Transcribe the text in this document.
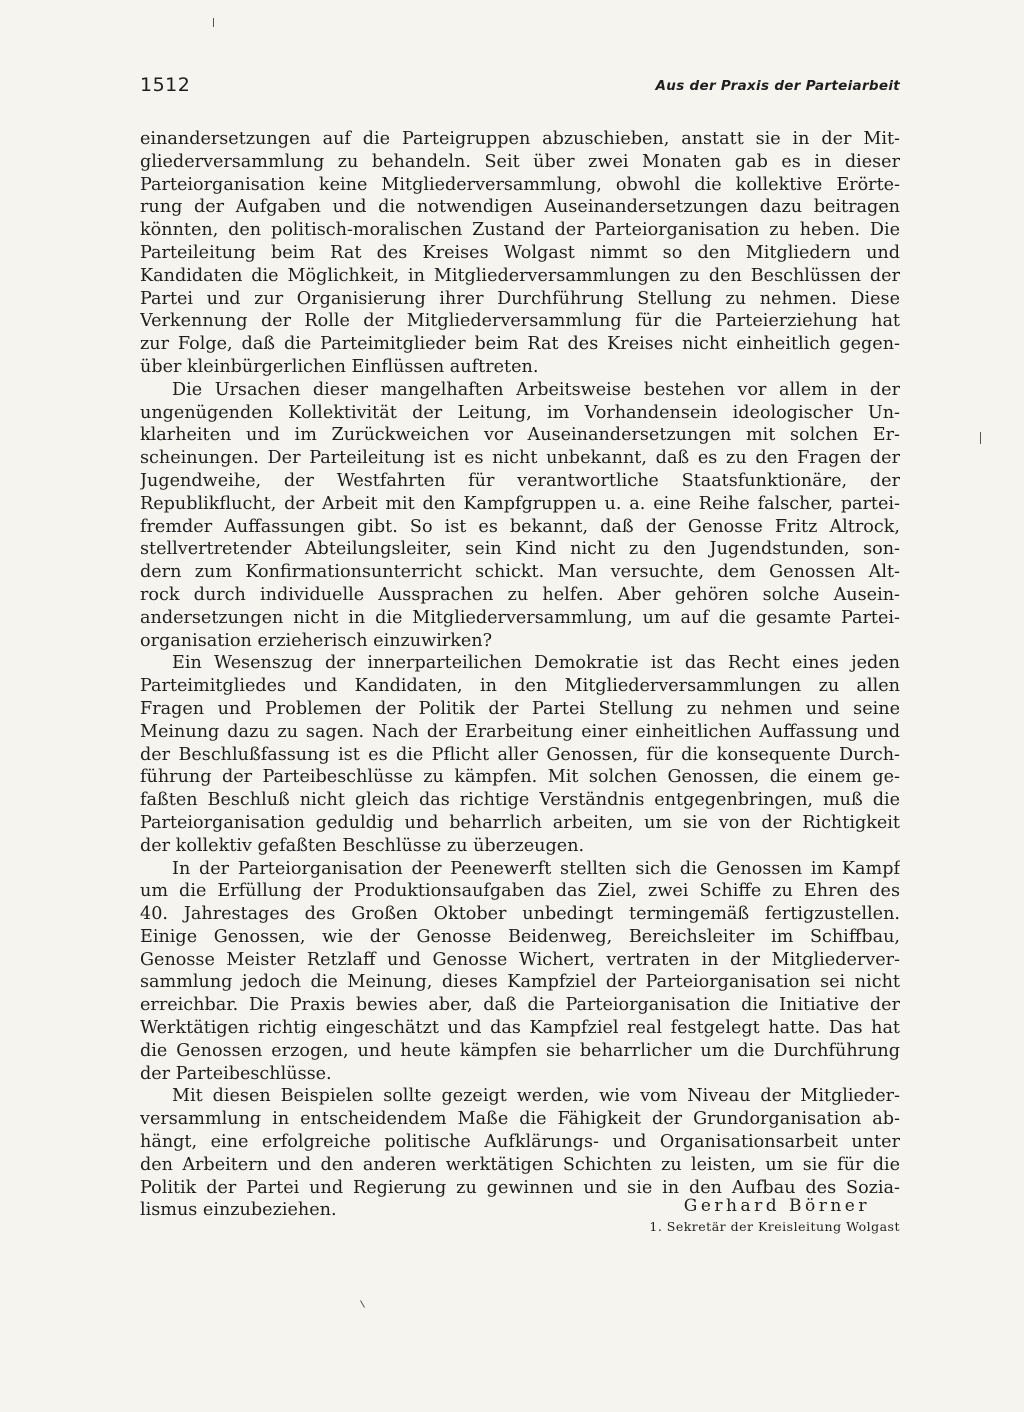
1512	Aus der Praxis der Parteiarbeit
einandersetzungen auf die Parteigruppen abzuschieben, anstatt sie in der Mit-
gliederversammlung zu behandeln. Seit über zwei Monaten gab es in dieser
Parteiorganisation keine Mitgliederversammlung, obwohl die kollektive Erörte-
rung der Aufgaben und die notwendigen Auseinandersetzungen dazu beitragen
könnten, den politisch-moralischen Zustand der Parteiorganisation zu heben. Die
Parteileitung beim Rat des Kreises Wolgast nimmt so den Mitgliedern und
Kandidaten die Möglichkeit, in Mitgliederversammlungen zu den Beschlüssen der
Partei und zur Organisierung ihrer Durchführung Stellung zu nehmen. Diese
Verkennung der Rolle der Mitgliederversammlung für die Parteierziehung hat
zur Folge, daß die Parteimitglieder beim Rat des Kreises nicht einheitlich gegen-
über kleinbürgerlichen Einflüssen auftreten.
Die Ursachen dieser mangelhaften Arbeitsweise bestehen vor allem in der
ungenügenden Kollektivität der Leitung, im Vorhandensein ideologischer Un-
klarheiten und im Zurückweichen vor Auseinandersetzungen mit solchen Er-
scheinungen. Der Parteileitung ist es nicht unbekannt, daß es zu den Fragen der
Jugendweihe, der Westfahrten für verantwortliche Staatsfunktionäre, der
Republikflucht, der Arbeit mit den Kampfgruppen u. a. eine Reihe falscher, partei-
fremder Auffassungen gibt. So ist es bekannt, daß der Genosse Fritz Altrock,
stellvertretender Abteilungsleiter, sein Kind nicht zu den Jugendstunden, son-
dern zum Konfirmationsunterricht schickt. Man versuchte, dem Genossen Alt-
rock durch individuelle Aussprachen zu helfen. Aber gehören solche Ausein-
andersetzungen nicht in die Mitgliederversammlung, um auf die gesamte Partei-
organisation erzieherisch einzuwirken?
Ein Wesenszug der innerparteilichen Demokratie ist das Recht eines jeden
Parteimitgliedes und Kandidaten, in den Mitgliederversammlungen zu allen
Fragen und Problemen der Politik der Partei Stellung zu nehmen und seine
Meinung dazu zu sagen. Nach der Erarbeitung einer einheitlichen Auffassung und
der Beschlußfassung ist es die Pflicht aller Genossen, für die konsequente Durch-
führung der Parteibeschlüsse zu kämpfen. Mit solchen Genossen, die einem ge-
faßten Beschluß nicht gleich das richtige Verständnis entgegenbringen, muß die
Parteiorganisation geduldig und beharrlich arbeiten, um sie von der Richtigkeit
der kollektiv gefaßten Beschlüsse zu überzeugen.
In der Parteiorganisation der Peenewerft stellten sich die Genossen im Kampf
um die Erfüllung der Produktionsaufgaben das Ziel, zwei Schiffe zu Ehren des
40. Jahrestages des Großen Oktober unbedingt termingemäß fertigzustellen.
Einige Genossen, wie der Genosse Beidenweg, Bereichsleiter im Schiffbau,
Genosse Meister Retzlaff und Genosse Wichert, vertraten in der Mitgliederver-
sammlung jedoch die Meinung, dieses Kampfziel der Parteiorganisation sei nicht
erreichbar. Die Praxis bewies aber, daß die Parteiorganisation die Initiative der
Werktätigen richtig eingeschätzt und das Kampfziel real festgelegt hatte. Das hat
die Genossen erzogen, und heute kämpfen sie beharrlicher um die Durchführung
der Parteibeschlüsse.
Mit diesen Beispielen sollte gezeigt werden, wie vom Niveau der Mitglieder-
versammlung in entscheidendem Maße die Fähigkeit der Grundorganisation ab-
hängt, eine erfolgreiche politische Aufklärungs- und Organisationsarbeit unter
den Arbeitern und den anderen werktätigen Schichten zu leisten, um sie für die
Politik der Partei und Regierung zu gewinnen und sie in den Aufbau des Sozia-
lismus einzubeziehen.	Gerhard Börner
1. Sekretär der Kreisleitung Wolgast
